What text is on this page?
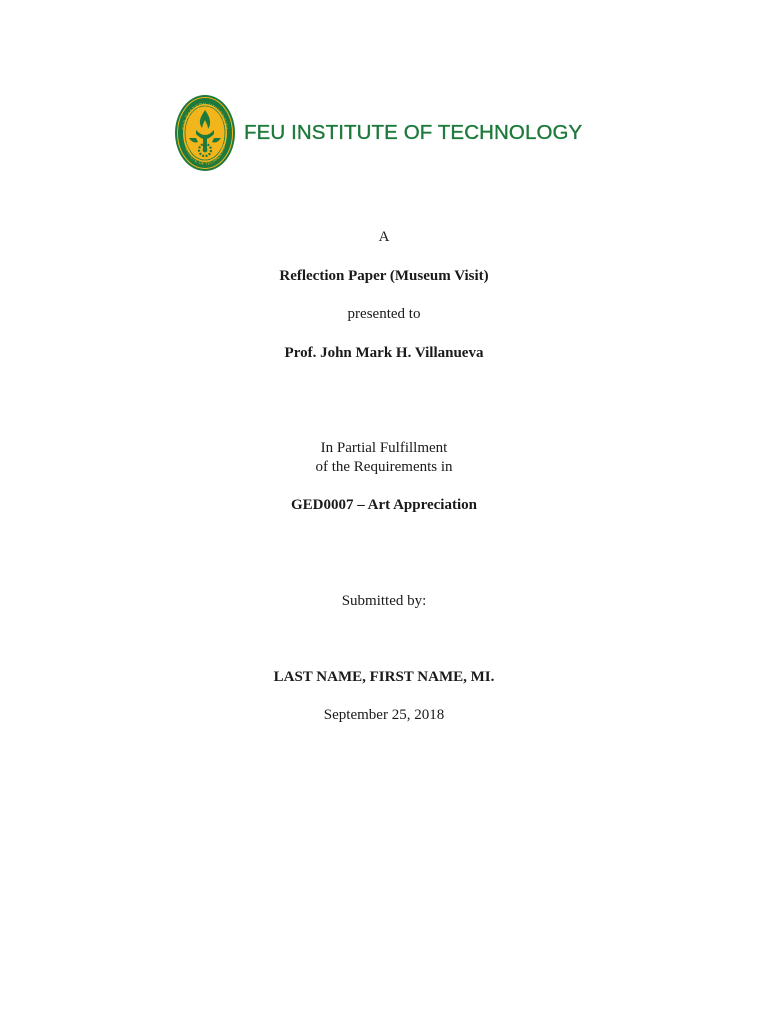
FAR EASTERN UNIVERSITY
INSTITUTE OF TECHNOLOGY
FEU INSTITUTE OF TECHNOLOGY
A
Reflection Paper (Museum Visit)
presented to
Prof. John Mark H. Villanueva
In Partial Fulfillment
of the Requirements in
GED0007 – Art Appreciation
Submitted by:
LAST NAME, FIRST NAME, MI.
September 25, 2018
